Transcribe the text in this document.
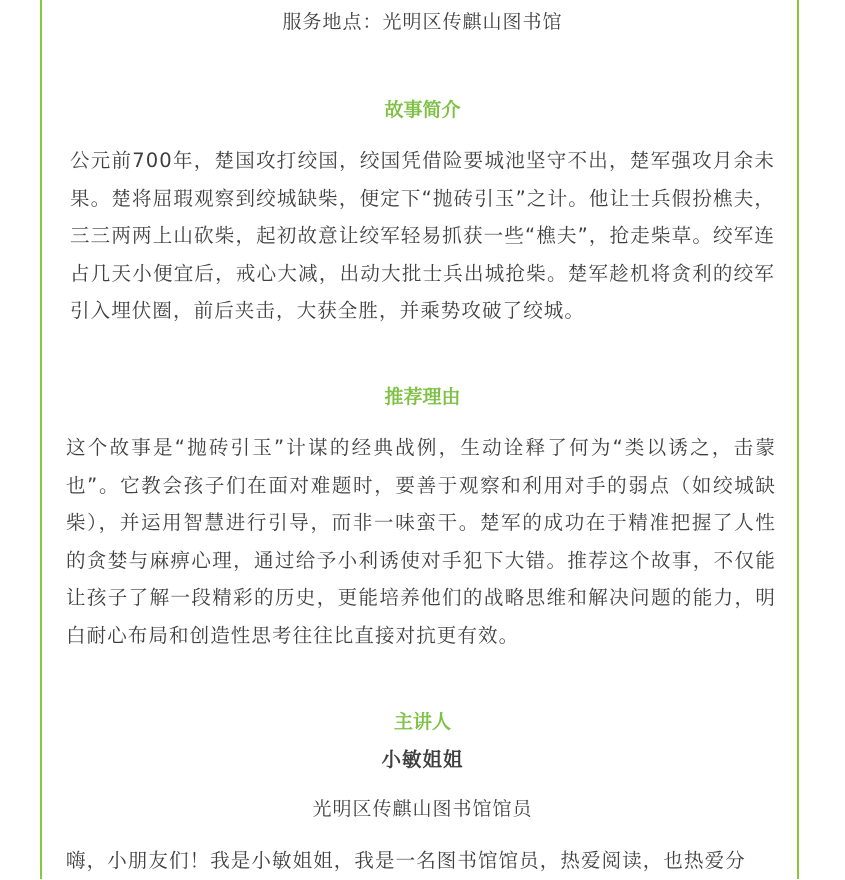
服务地点：光明区传麒山图书馆
故事简介

公元前700年，楚国攻打绞国，绞国凭借险要城池坚守不出，楚军强攻月余未果。楚将屈瑕观察到绞城缺柴，便定下“抛砖引玉”之计。他让士兵假扮樵夫，三三两两上山砍柴，起初故意让绞军轻易抓获一些“樵夫”，抢走柴草。绞军连占几天小便宜后，戒心大减，出动大批士兵出城抢柴。楚军趁机将贪利的绞军引入埋伏圈，前后夹击，大获全胜，并乘势攻破了绞城。

推荐理由

这个故事是“抛砖引玉”计谋的经典战例，生动诠释了何为“类以诱之，击蒙也”。它教会孩子们在面对难题时，要善于观察和利用对手的弱点（如绞城缺柴），并运用智慧进行引导，而非一味蛮干。楚军的成功在于精准把握了人性的贪婪与麻痹心理，通过给予小利诱使对手犯下大错。推荐这个故事，不仅能让孩子了解一段精彩的历史，更能培养他们的战略思维和解决问题的能力，明白耐心布局和创造性思考往往比直接对抗更有效。

主讲人
小敏姐姐
光明区传麒山图书馆馆员

嗨，小朋友们！我是小敏姐姐，我是一名图书馆馆员，热爱阅读，也热爱分
